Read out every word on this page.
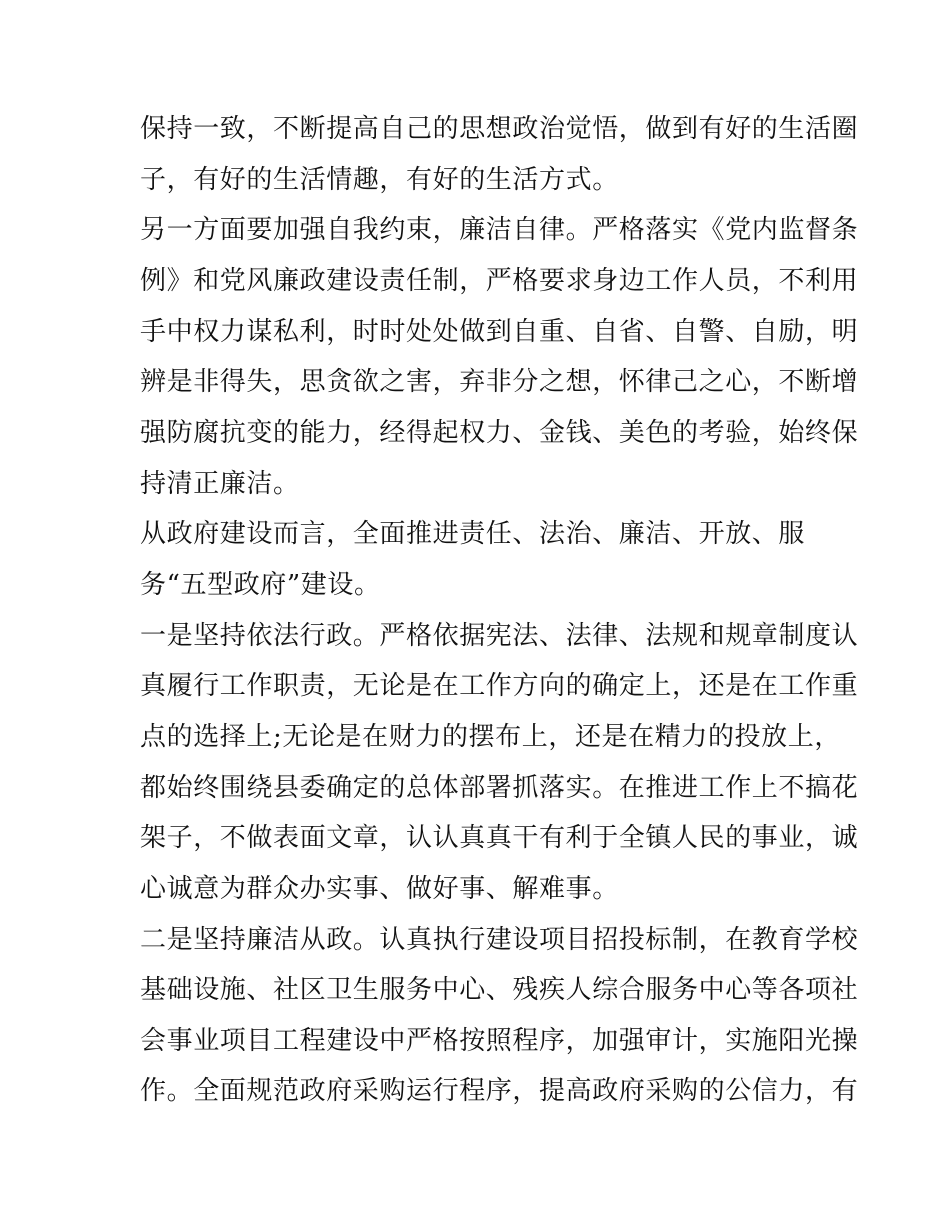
保持一致，不断提高自己的思想政治觉悟，做到有好的生活圈
子，有好的生活情趣，有好的生活方式。
另一方面要加强自我约束，廉洁自律。严格落实《党内监督条
例》和党风廉政建设责任制，严格要求身边工作人员，不利用
手中权力谋私利，时时处处做到自重、自省、自警、自励，明
辨是非得失，思贪欲之害，弃非分之想，怀律己之心，不断增
强防腐抗变的能力，经得起权力、金钱、美色的考验，始终保
持清正廉洁。
从政府建设而言，全面推进责任、法治、廉洁、开放、服
务“五型政府”建设。
一是坚持依法行政。严格依据宪法、法律、法规和规章制度认
真履行工作职责，无论是在工作方向的确定上，还是在工作重
点的选择上;无论是在财力的摆布上，还是在精力的投放上，
都始终围绕县委确定的总体部署抓落实。在推进工作上不搞花
架子，不做表面文章，认认真真干有利于全镇人民的事业，诚
心诚意为群众办实事、做好事、解难事。
二是坚持廉洁从政。认真执行建设项目招投标制，在教育学校
基础设施、社区卫生服务中心、残疾人综合服务中心等各项社
会事业项目工程建设中严格按照程序，加强审计，实施阳光操
作。全面规范政府采购运行程序，提高政府采购的公信力，有
